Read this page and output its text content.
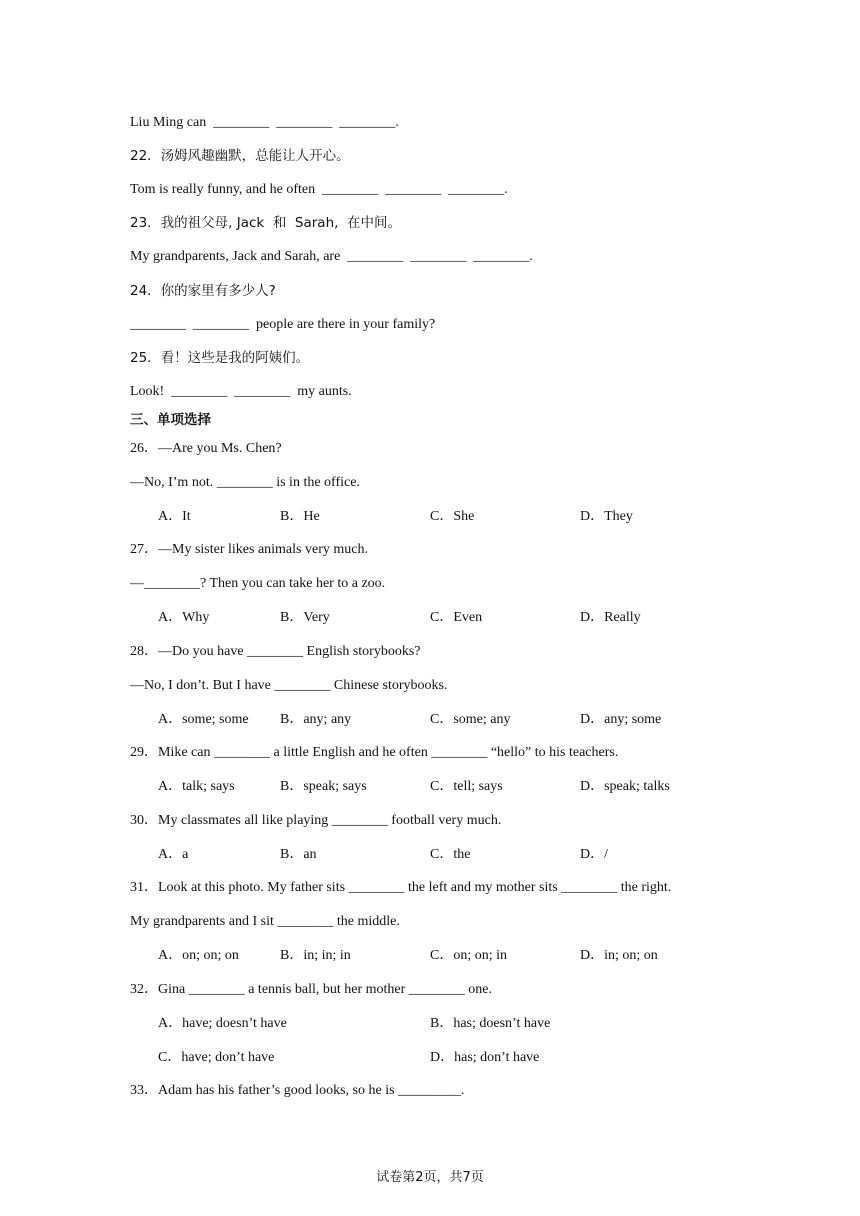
Liu Ming can  ________  ________  ________.
22．汤姆风趣幽默，总能让人开心。
Tom is really funny, and he often  ________  ________  ________.
23．我的祖父母, Jack  和  Sarah,  在中间。
My grandparents, Jack and Sarah, are  ________  ________  ________.
24．你的家里有多少人?
________  ________  people are there in your family?
25．看！这些是我的阿姨们。
Look!  ________  ________  my aunts.
三、单项选择
26．—Are you Ms. Chen?
—No, I’m not. ________ is in the office.
A．It	B．He	C．She	D．They
27．—My sister likes animals very much.
—________? Then you can take her to a zoo.
A．Why	B．Very	C．Even	D．Really
28．—Do you have ________ English storybooks?
—No, I don’t. But I have ________ Chinese storybooks.
A．some; some B．any; any	C．some; any	D．any; some
29．Mike can ________ a little English and he often ________ “hello” to his teachers.
A．talk; says	B．speak; says	C．tell; says	D．speak; talks
30．My classmates all like playing ________ football very much.
A．a	B．an	C．the	D．/
31．Look at this photo. My father sits ________ the left and my mother sits ________ the right.
My grandparents and I sit ________ the middle.
A．on; on; on	B．in; in; in	C．on; on; in	D．in; on; on
32．Gina ________ a tennis ball, but her mother ________ one.
A．have; doesn’t have	B．has; doesn’t have
C．have; don’t have	D．has; don’t have
33．Adam has his father’s good looks, so he is _________.
试卷第2页，共7页
